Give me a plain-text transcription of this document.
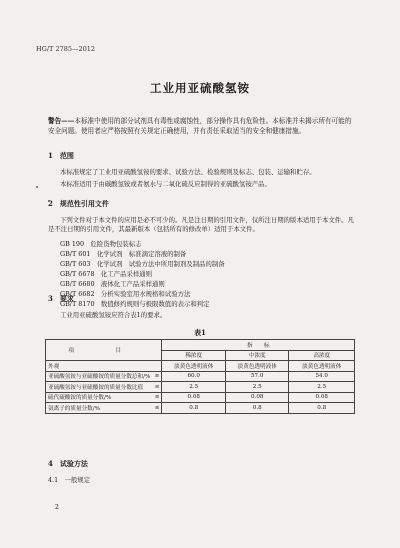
HG/T 2785—2012
工业用亚硫酸氢铵
警告——本标准中使用的部分试剂具有毒性或腐蚀性，部分操作具有危险性。本标准并未揭示所有可能的安全问题。使用者应严格按照有关规定正确使用，并有责任采取适当的安全和健康措施。
1　范围
本标准规定了工业用亚硫酸氢铵的要求、试验方法、检验规则及标志、包装、运输和贮存。
本标准适用于由碳酸氢铵或者氨水与二氧化硫反应制得的亚硫酸氢铵产品。
2　规范性引用文件
下列文件对于本文件的应用是必不可少的。凡是注日期的引用文件，仅所注日期的版本适用于本文件。凡是不注日期的引用文件，其最新版本（包括所有的修改单）适用于本文件。
GB 190　危险货物包装标志
GB/T 601　化学试剂　标准滴定溶液的制备
GB/T 603　化学试剂　试验方法中所用制剂及制品的制备
GB/T 6678　化工产品采样通则
GB/T 6680　液体化工产品采样通则
GB/T 6682　分析实验室用水规格和试验方法
GB/T 8170　数值修约规则与极限数值的表示和判定
3　要求
工业用亚硫酸氢铵应符合表1的要求。
表1
项　目		指　　标		
		稀浓度	中浓度	高浓度

外观		淡黄色透明液体	淡黄色透明液体	淡黄色透明液体
亚硫酸氢铵与亚硫酸铵的质量分数总和/%	≥	60.0	57.0	54.0
亚硫酸氢铵与亚硫酸铵的质量分数比值	≤	2.5	2.5	2.5
硫代硫酸铵的质量分数/%	≤	0.08	0.08	0.08
氨离子的质量分数/%	≤	0.8	0.8	0.8
4　试验方法
4.1　一般规定
2
